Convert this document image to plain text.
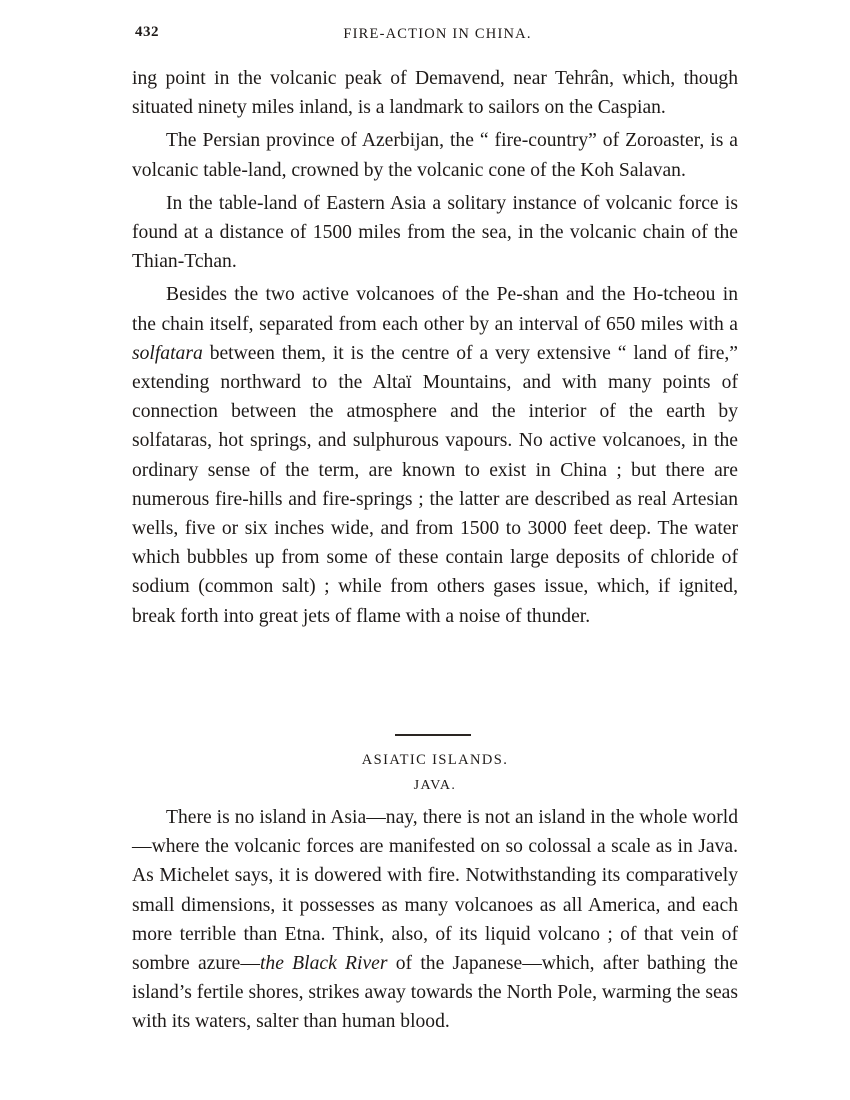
432	FIRE-ACTION IN CHINA.

ing point in the volcanic peak of Demavend, near Tehrân, which, though situated ninety miles inland, is a landmark to sailors on the Caspian.

The Persian province of Azerbijan, the “ fire-country” of Zoroaster, is a volcanic table-land, crowned by the volcanic cone of the Koh Salavan.

In the table-land of Eastern Asia a solitary instance of volcanic force is found at a distance of 1500 miles from the sea, in the volcanic chain of the Thian-Tchan.

Besides the two active volcanoes of the Pe-shan and the Ho-tcheou in the chain itself, separated from each other by an interval of 650 miles with a solfatara between them, it is the centre of a very extensive “ land of fire,” extending northward to the Altaï Mountains, and with many points of connection between the atmosphere and the interior of the earth by solfataras, hot springs, and sulphurous vapours. No active volcanoes, in the ordinary sense of the term, are known to exist in China ; but there are numerous fire-hills and fire-springs ; the latter are described as real Artesian wells, five or six inches wide, and from 1500 to 3000 feet deep. The water which bubbles up from some of these contain large deposits of chloride of sodium (common salt) ; while from others gases issue, which, if ignited, break forth into great jets of flame with a noise of thunder.

ASIATIC ISLANDS.
JAVA.

There is no island in Asia—nay, there is not an island in the whole world—where the volcanic forces are manifested on so colossal a scale as in Java. As Michelet says, it is dowered with fire. Notwithstanding its comparatively small dimensions, it possesses as many volcanoes as all America, and each more terrible than Etna. Think, also, of its liquid volcano ; of that vein of sombre azure—the Black River of the Japanese—which, after bathing the island’s fertile shores, strikes away towards the North Pole, warming the seas with its waters, salter than human blood.
